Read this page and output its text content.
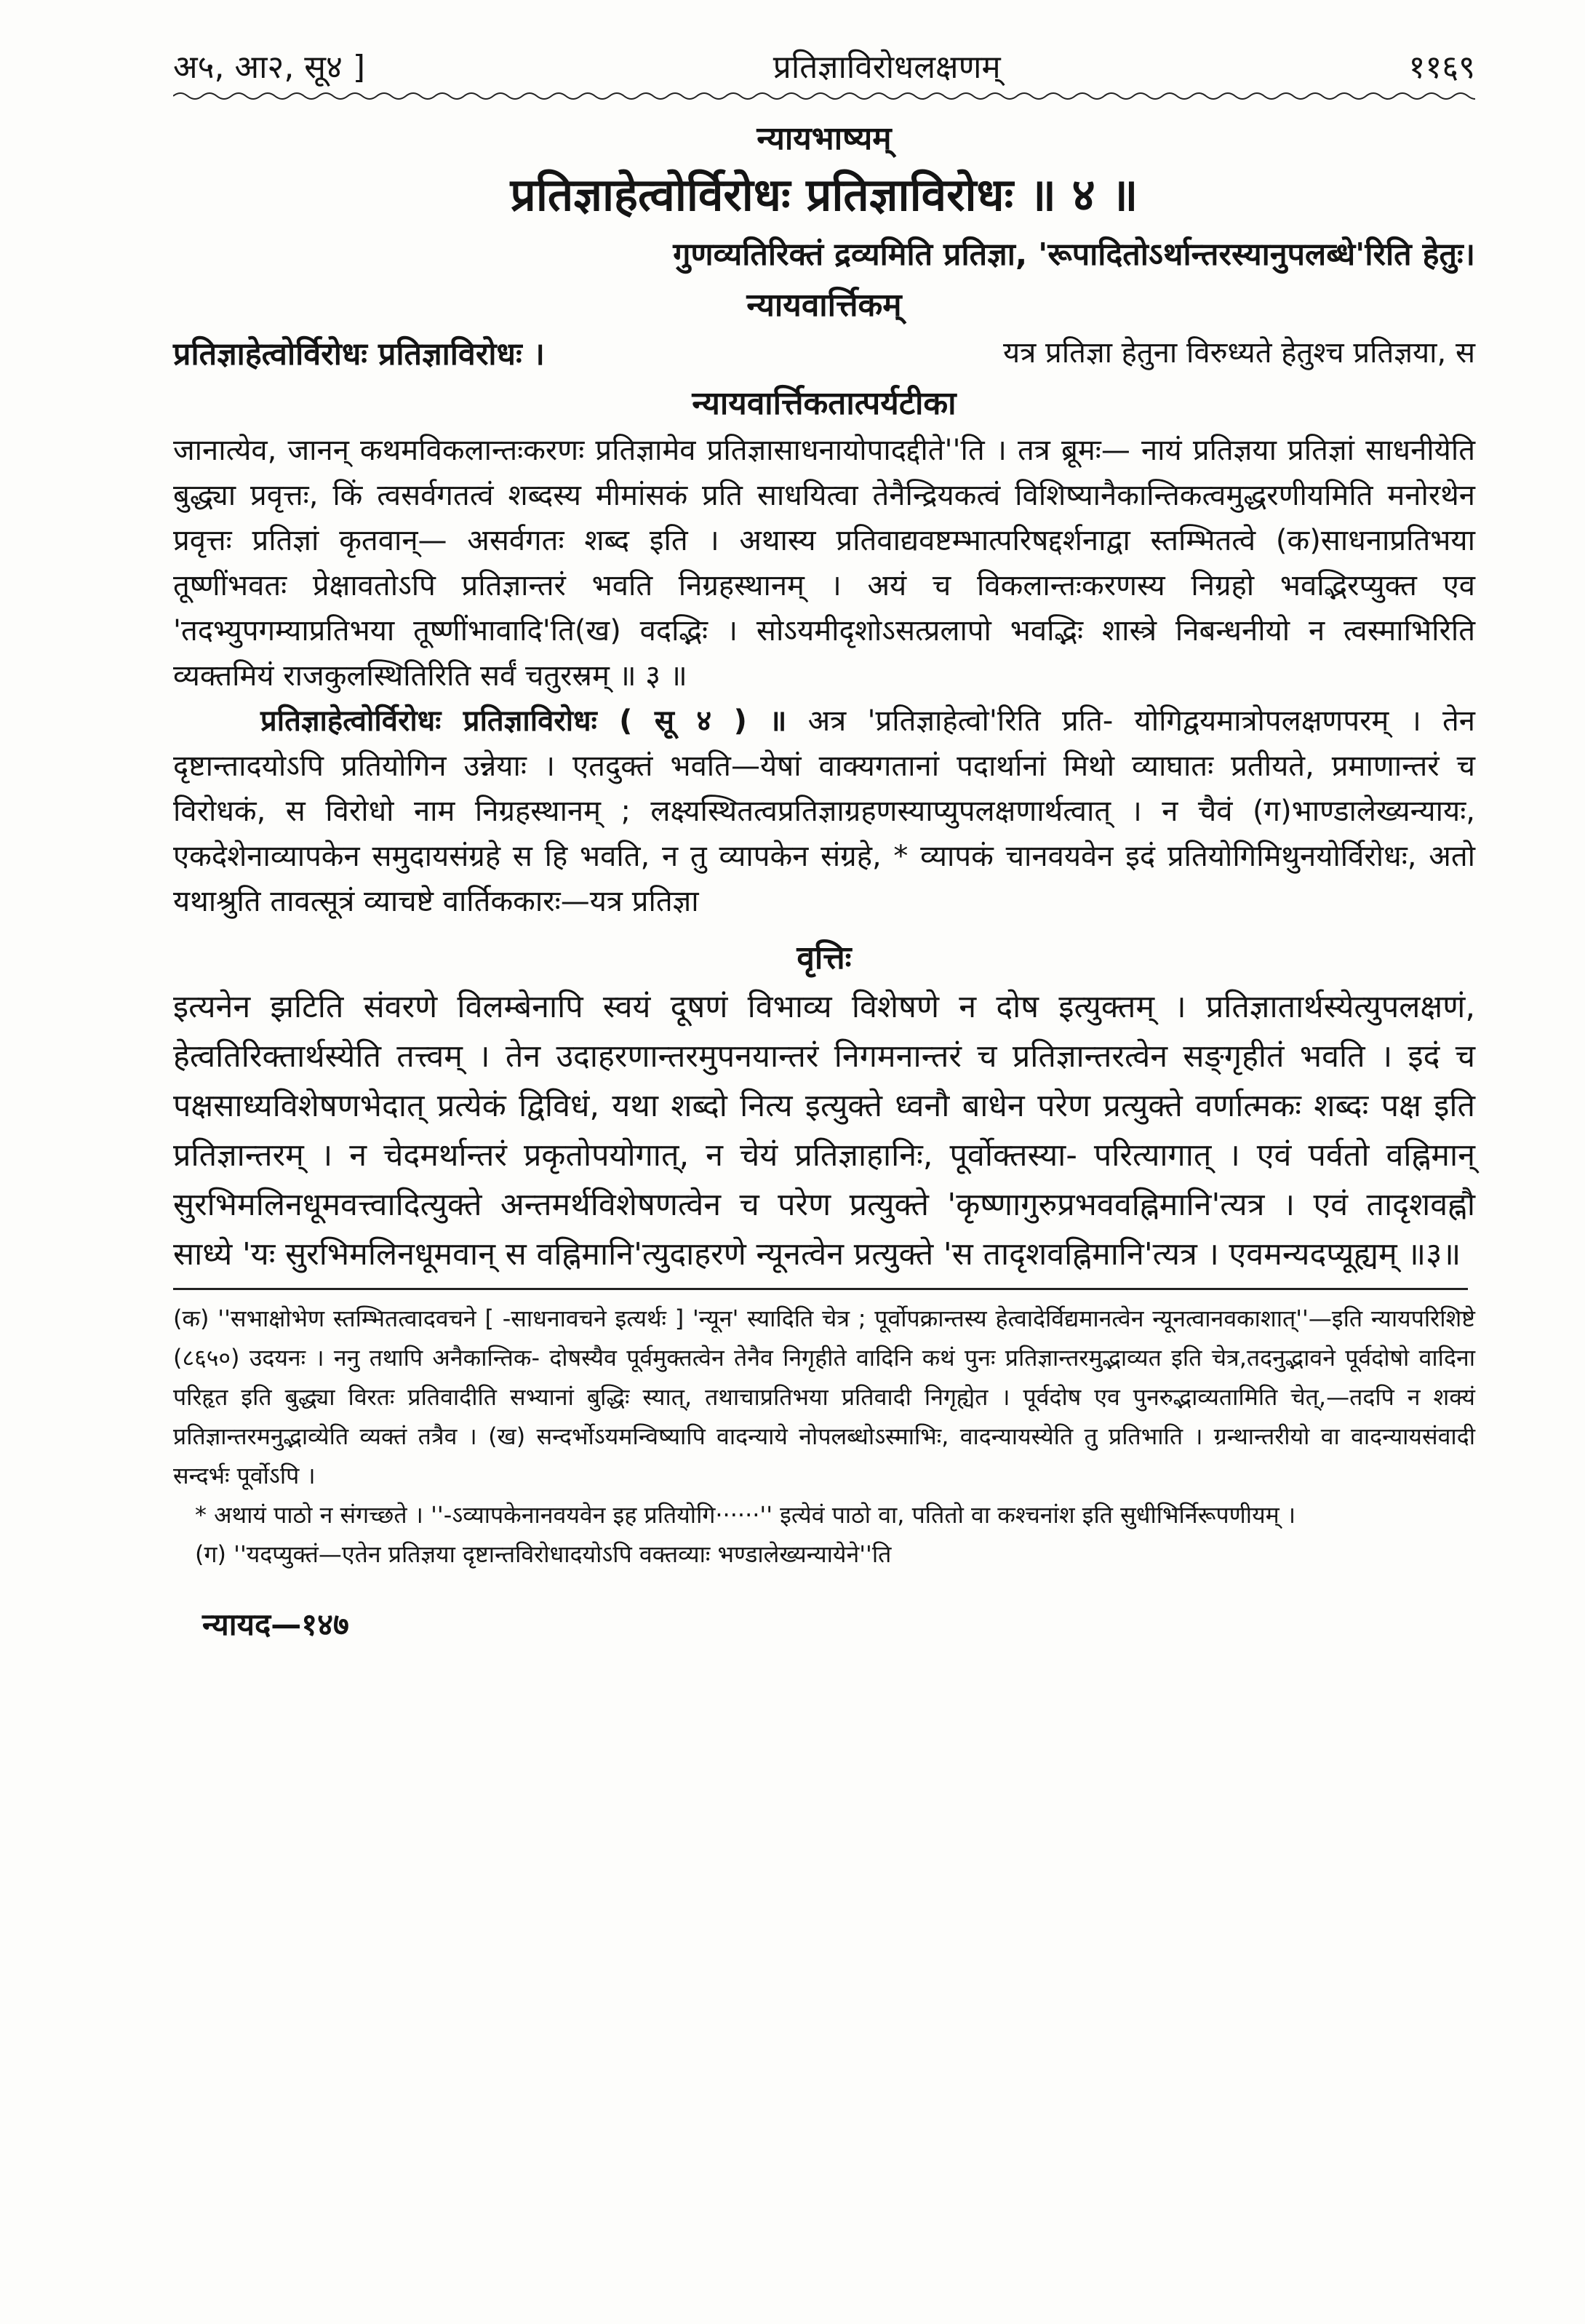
अ५, आ२, सू४ ]	प्रतिज्ञाविरोधलक्षणम्	११६९
न्यायभाष्यम्
प्रतिज्ञाहेत्वोर्विरोधः प्रतिज्ञाविरोधः ॥ ४ ॥
गुणव्यतिरिक्तं द्रव्यमिति प्रतिज्ञा, 'रूपादितोऽर्थान्तरस्यानुपलब्धे'रिति हेतुः।
न्यायवार्त्तिकम्
प्रतिज्ञाहेत्वोर्विरोधः प्रतिज्ञाविरोधः ।	यत्र प्रतिज्ञा हेतुना विरुध्यते हेतुश्च प्रतिज्ञया, स
न्यायवार्त्तिकतात्पर्यटीका

जानात्येव, जानन् कथमविकलान्तःकरणः प्रतिज्ञामेव प्रतिज्ञासाधनायोपादद्दीते''ति । तत्र ब्रूमः— नायं प्रतिज्ञया प्रतिज्ञां साधनीयेति बुद्ध्या प्रवृत्तः, किं त्वसर्वगतत्वं शब्दस्य मीमांसकं प्रति साधयित्वा तेनैन्द्रियकत्वं विशिष्यानैकान्तिकत्वमुद्धरणीयमिति मनोरथेन प्रवृत्तः प्रतिज्ञां कृतवान्— असर्वगतः शब्द इति । अथास्य प्रतिवाद्यवष्टम्भात्परिषद्दर्शनाद्वा स्तम्भितत्वे (क)साधनाप्रतिभया तूष्णींभवतः प्रेक्षावतोऽपि प्रतिज्ञान्तरं भवति निग्रहस्थानम् । अयं च विकलान्तःकरणस्य निग्रहो भवद्भिरप्युक्त एव 'तदभ्युपगम्याप्रतिभया तूष्णींभावादि'ति(ख) वदद्भिः । सोऽयमीदृशोऽसत्प्रलापो भवद्भिः शास्त्रे निबन्धनीयो न त्वस्माभिरिति व्यक्तमियं राजकुलस्थितिरिति सर्वं चतुरस्रम् ॥ ३ ॥

प्रतिज्ञाहेत्वोर्विरोधः प्रतिज्ञाविरोधः ( सू ४ ) ॥ अत्र 'प्रतिज्ञाहेत्वो'रिति प्रति- योगिद्वयमात्रोपलक्षणपरम् । तेन दृष्टान्तादयोऽपि प्रतियोगिन उन्नेयाः । एतदुक्तं भवति—येषां वाक्यगतानां पदार्थानां मिथो व्याघातः प्रतीयते, प्रमाणान्तरं च विरोधकं, स विरोधो नाम निग्रहस्थानम् ; लक्ष्यस्थितत्वप्रतिज्ञाग्रहणस्याप्युपलक्षणार्थत्वात् । न चैवं (ग)भाण्डालेख्यन्यायः, एकदेशेनाव्यापकेन समुदायसंग्रहे स हि भवति, न तु व्यापकेन संग्रहे, * व्यापकं चानवयवेन इदं प्रतियोगिमिथुनयोर्विरोधः, अतो यथाश्रुति तावत्सूत्रं व्याचष्टे वार्तिककारः—यत्र प्रतिज्ञा

वृत्तिः

इत्यनेन झटिति संवरणे विलम्बेनापि स्वयं दूषणं विभाव्य विशेषणे न दोष इत्युक्तम् । प्रतिज्ञातार्थस्येत्युपलक्षणं, हेत्वतिरिक्तार्थस्येति तत्त्वम् । तेन उदाहरणान्तरमुपनयान्तरं निगमनान्तरं च प्रतिज्ञान्तरत्वेन सङ्गृहीतं भवति । इदं च पक्षसाध्यविशेषणभेदात् प्रत्येकं द्विविधं, यथा शब्दो नित्य इत्युक्ते ध्वनौ बाधेन परेण प्रत्युक्ते वर्णात्मकः शब्दः पक्ष इति प्रतिज्ञान्तरम् । न चेदमर्थान्तरं प्रकृतोपयोगात्, न चेयं प्रतिज्ञाहानिः, पूर्वोक्तस्या- परित्यागात् । एवं पर्वतो वह्निमान् सुरभिमलिनधूमवत्त्वादित्युक्ते अन्तमर्थविशेषणत्वेन च परेण प्रत्युक्ते 'कृष्णागुरुप्रभववह्निमानि'त्यत्र । एवं तादृशवह्नौ साध्ये 'यः सुरभिमलिनधूमवान् स वह्निमानि'त्युदाहरणे न्यूनत्वेन प्रत्युक्ते 'स तादृशवह्निमानि'त्यत्र । एवमन्यदप्यूह्यम् ॥३॥

(क) ''सभाक्षोभेण स्तम्भितत्वादवचने [ -साधनावचने इत्यर्थः ] 'न्यून' स्यादिति चेत्र ; पूर्वोपक्रान्तस्य हेत्वादेर्विद्यमानत्वेन न्यूनत्वानवकाशात्''—इति न्यायपरिशिष्टे (८६५०) उदयनः । ननु तथापि अनैकान्तिक- दोषस्यैव पूर्वमुक्तत्वेन तेनैव निगृहीते वादिनि कथं पुनः प्रतिज्ञान्तरमुद्भाव्यत इति चेत्र,तदनुद्भावने पूर्वदोषो वादिना परिहृत इति बुद्ध्या विरतः प्रतिवादीति सभ्यानां बुद्धिः स्यात्, तथाचाप्रतिभया प्रतिवादी निगृह्येत । पूर्वदोष एव पुनरुद्भाव्यतामिति चेत्,—तदपि न शक्यं प्रतिज्ञान्तरमनुद्भाव्येति व्यक्तं तत्रैव । (ख) सन्दर्भोऽयमन्विष्यापि वादन्याये नोपलब्धोऽस्माभिः, वादन्यायस्येति तु प्रतिभाति । ग्रन्थान्तरीयो वा वादन्यायसंवादी सन्दर्भः पूर्वोऽपि ।

* अथायं पाठो न संगच्छते । ''-ऽव्यापकेनानवयवेन इह प्रतियोगि······'' इत्येवं पाठो वा, पतितो वा कश्चनांश इति सुधीभिर्निरूपणीयम् ।

(ग) ''यदप्युक्तं—एतेन प्रतिज्ञया दृष्टान्तविरोधादयोऽपि वक्तव्याः भण्डालेख्यन्यायेने''ति

न्यायद—१४७
